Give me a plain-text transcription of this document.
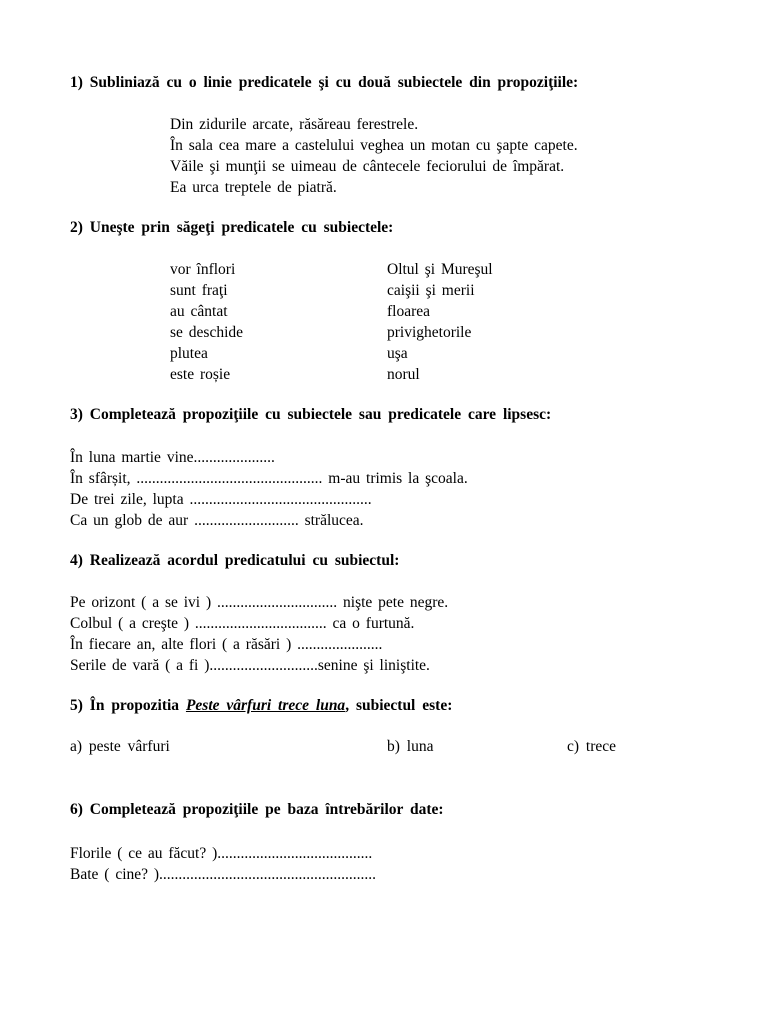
1) Subliniază cu o linie predicatele şi cu două subiectele din propoziţiile:
Din zidurile arcate, răsăreau ferestrele.
În sala cea mare a castelului veghea un motan cu şapte capete.
Văile şi munţii se uimeau de cântecele feciorului de împărat.
Ea urca treptele de piatră.
2) Uneşte prin săgeţi predicatele cu subiectele:
vor înflori
sunt fraţi
au cântat
se deschide
plutea
este roșie
Oltul şi Mureşul
caişii şi merii
floarea
privighetorile
uşa
norul
3) Completează propoziţiile cu subiectele sau predicatele care lipsesc:
În luna martie vine.....................
În sfârșit, ................................................ m-au trimis la şcoala.
De trei zile, lupta ...............................................
Ca un glob de aur ........................... strălucea.
4) Realizează acordul predicatului cu subiectul:
Pe orizont ( a se ivi ) ............................... nişte pete negre.
Colbul ( a creşte ) .................................. ca o furtună.
În fiecare an, alte flori ( a răsări ) ......................
Serile de vară ( a fi )............................senine şi liniştite.
5) În propozitia Peste vârfuri trece luna, subiectul este:
a) peste vârfuri	b) luna	c) trece
6) Completează propoziţiile pe baza întrebărilor date:
Florile ( ce au făcut? )........................................
Bate ( cine? )........................................................
